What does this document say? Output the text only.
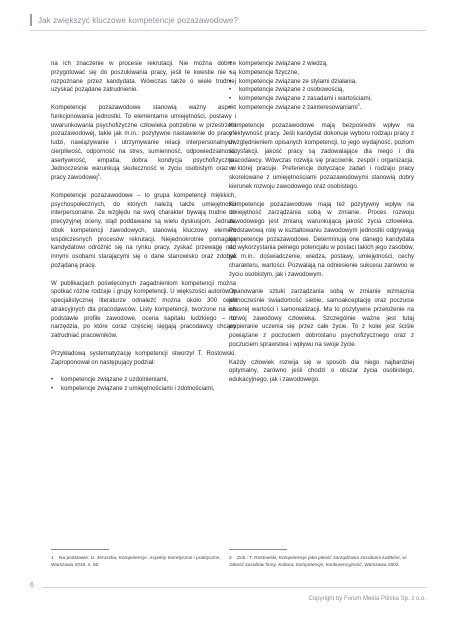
Jak zwiększyć kluczowe kompetencje pozazawodowe?

na ich znaczenie w procesie rekrutacji. Nie można dobrze przygotować się do poszukiwania pracy, jeśli te kwestie nie są rozpoznane przez kandydata. Wówczas także o wiele trudniej uzyskać pożądane zatrudnienie.

Kompetencje pozazawodowe stanowią ważny aspekt funkcjonowania jednostki. To elementarne umiejętności, postawy i uwarunkowania psychofizyczne człowieka potrzebne w przestrzeni pozazawodowej, takie jak m.in.: pozytywne nastawienie do pracy i ludzi, nawiązywanie i utrzymywanie relacji interpersonalnych, cierpliwość, odporność na stres, sumienność, odpowiedzialność, asertywność, empatia, dobra kondycja psychofizyczna. Jednocześnie warunkują skuteczność w życiu osobistym oraz w pracy zawodowej$^1$.

Kompetencje pozazawodowe – to grupa kompetencji miękkich, psychospołecznych, do których należą także umiejętności interpersonalne. Ze względu na swój charakter bywają trudne do precyzyjnej oceny, stąd poddawane są wielu dyskusjom. Jednak, obok kompetencji zawodowych, stanowią kluczowy element współczesnych procesów rekrutacji. Niejednokrotnie pomagają kandydatowi odróżnić się na rynku pracy, zyskać przewagę nad innymi osobami starającymi się o dane stanowisko oraz zdobyć pożądaną pracę.

W publikacjach poświęconych zagadnieniom kompetencji można spotkać różne rodzaje i grupy kompetencji. U większości autorów w specjalistycznej literaturze odnaleźć można około 300 cech atrakcyjnych dla pracodawców. Listy kompetencji, tworzone na ich podstawie profile zawodowe, ocena kapitału ludzkiego – to narzędzia, po które coraz częściej sięgają pracodawcy chcący zatrudniać pracowników.

Przykładową systematyzację kompetencji stworzył T. Rostowski. Zaproponował on następujący podział:

• kompetencje związane z uzdolnieniami,
• kompetencje związane z umiejętnościami i zdolnościami,
• kompetencje związane z wiedzą,
• kompetencje fizyczne,
• kompetencje związane ze stylami działania,
• kompetencje związane z osobowością,
• kompetencje związane z zasadami i wartościami,
• kompetencje związane z zainteresowaniami$^2$.

Kompetencje pozazawodowe mają bezpośredni wpływ na efektywność pracy. Jeśli kandydat dokonuje wyboru rodzaju pracy z uwzględnieniem opisanych kompetencji, to jego wydajność, poziom satysfakcji, jakość pracy są zadowalające dla niego i dla pracodawcy. Wówczas rozwija się pracownik, zespół i organizacja, w której pracuje. Preferencje dotyczące zadań i rodzaju pracy skorelowane z umiejętnościami pozazawodowymi stanowią dobry kierunek rozwoju zawodowego oraz osobistego.

Kompetencje pozazawodowe mają też pozytywny wpływ na umiejętność zarządzania sobą w zmianie. Proces rozwoju zawodowego jest zmianą warunkującą jakość życia człowieka. Podstawową rolę w kształtowaniu zawodowym jednostki odgrywają kompetencje pozazawodowe. Determinują one danego kandydata do wykorzystania pełnego potencjału w postaci takich jego zasobów, jak m.in.: doświadczenie, wiedza, postawy, umiejętności, cechy charakteru, wartości. Pozwalają na odniesienie sukcesu zarówno w życiu osobistym, jak i zawodowym.

Opanowanie sztuki zarządzania sobą w zmianie wzmacnia jednocześnie świadomość siebie, samoakceptację oraz poczucie własnej wartości i samorealizacji. Ma to pozytywne przełożenie na rozwój zawodowy człowieka. Szczególnie ważne jest tutaj wspieranie uczenia się przez całe życie. To z kolei jest ściśle powiązane z poczuciem dobrostanu psychofizycznego oraz z poczuciem sprawstwa i wpływu na swoje życie.

Każdy człowiek rozwija się w sposób dla niego najbardziej optymalny, zarówno jeśli chodzi o obszar życia osobistego, edukacyjnego, jak i zawodowego.

1 Na podstawie: U. Jeruszka, Kompetencje. Aspekty teoretyczne i praktyczne, Warszawa 2016, s. 50.
2 Zob.: T. Rostowski, Kompetencje jako jakość zarządzania zasobami ludzkimi, w: Jakość zasobów firmy. Kultura, kompetencje, konkurencyjność, Warszawa 2002.
6
Copyright by Forum Media Polska Sp. z o.o.
